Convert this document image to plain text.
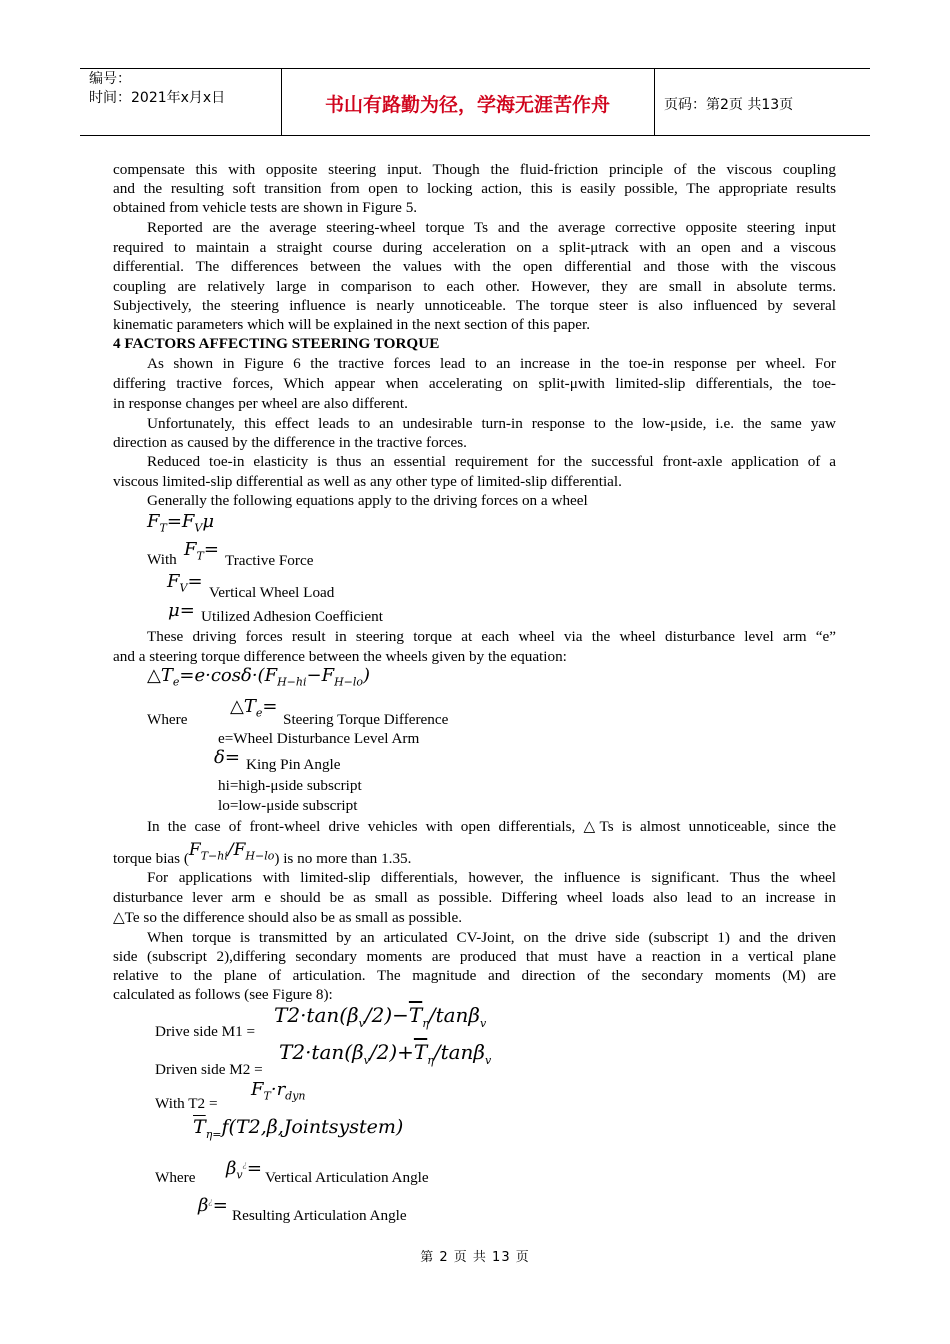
编号：
时间：2021年x月x日	书山有路勤为径，学海无涯苦作舟	页码：第2页 共13页
compensate this with opposite steering input. Though the fluid-friction principle of the viscous coupling
and the resulting soft transition from open to locking action, this is easily possible, The appropriate results
obtained from vehicle tests are shown in Figure 5.
Reported are the average steering-wheel torque Ts and the average corrective opposite steering input
required to maintain a straight course during acceleration on a split-μtrack with an open and a viscous
differential. The differences between the values with the open differential and those with the viscous
coupling are relatively large in comparison to each other. However, they are small in absolute terms.
Subjectively, the steering influence is nearly unnoticeable. The torque steer is also influenced by several
kinematic parameters which will be explained in the next section of this paper.
4 FACTORS AFFECTING STEERING TORQUE
As shown in Figure 6 the tractive forces lead to an increase in the toe-in response per wheel. For
differing tractive forces, Which appear when accelerating on split-μwith limited-slip differentials, the toe-
in response changes per wheel are also different.
Unfortunately, this effect leads to an undesirable turn-in response to the low-μside, i.e. the same yaw
direction as caused by the difference in the tractive forces.
Reduced toe-in elasticity is thus an essential requirement for the successful front-axle application of a
viscous limited-slip differential as well as any other type of limited-slip differential.
Generally the following equations apply to the driving forces on a wheel
$F_T=F_V\mu$
With $F_T=$
Tractive Force
$F_V=$
Vertical Wheel Load
μ= Utilized Adhesion Coefficient
These driving forces result in steering torque at each wheel via the wheel disturbance level arm “e”
and a steering torque difference between the wheels given by the equation:
$\triangle T_e=e\cdot\cos\delta\cdot(F_{H-hi}-F_{H-lo})$
Where
$\triangle T_e=$
Steering Torque Difference
e=Wheel Disturbance Level Arm
δ= King Pin Angle
hi=high-μside subscript
lo=low-μside subscript
In the case of front-wheel drive vehicles with open differentials, △Ts is almost unnoticeable, since the
torque bias $(F_{T-hi}/F_{H-lo})$ is no more than 1.35.
For applications with limited-slip differentials, however, the influence is significant. Thus the wheel
disturbance lever arm e should be as small as possible. Differing wheel loads also lead to an increase in
△Te so the difference should also be as small as possible.
When torque is transmitted by an articulated CV-Joint, on the drive side (subscript 1) and the driven
side (subscript 2),differing secondary moments are produced that must have a reaction in a vertical plane
relative to the plane of articulation. The magnitude and direction of the secondary moments (M) are
calculated as follows (see Figure 8):
Drive side M1 =
$T2\cdot\tan(\beta_v/2)-\overline{T}_\eta/\tan\beta_v$
Driven side M2 =
$T2\cdot\tan(\beta_v/2)+\overline{T}_\eta/\tan\beta_v$
With T2 =
$F_T\cdot r_{dyn}$
$\overline{T}_{\eta=}f(T2,\beta,Jointsystem)$
Where $\beta_v^¿=$ Vertical Articulation Angle
β¿= Resulting Articulation Angle
第 2 页 共 13 页
